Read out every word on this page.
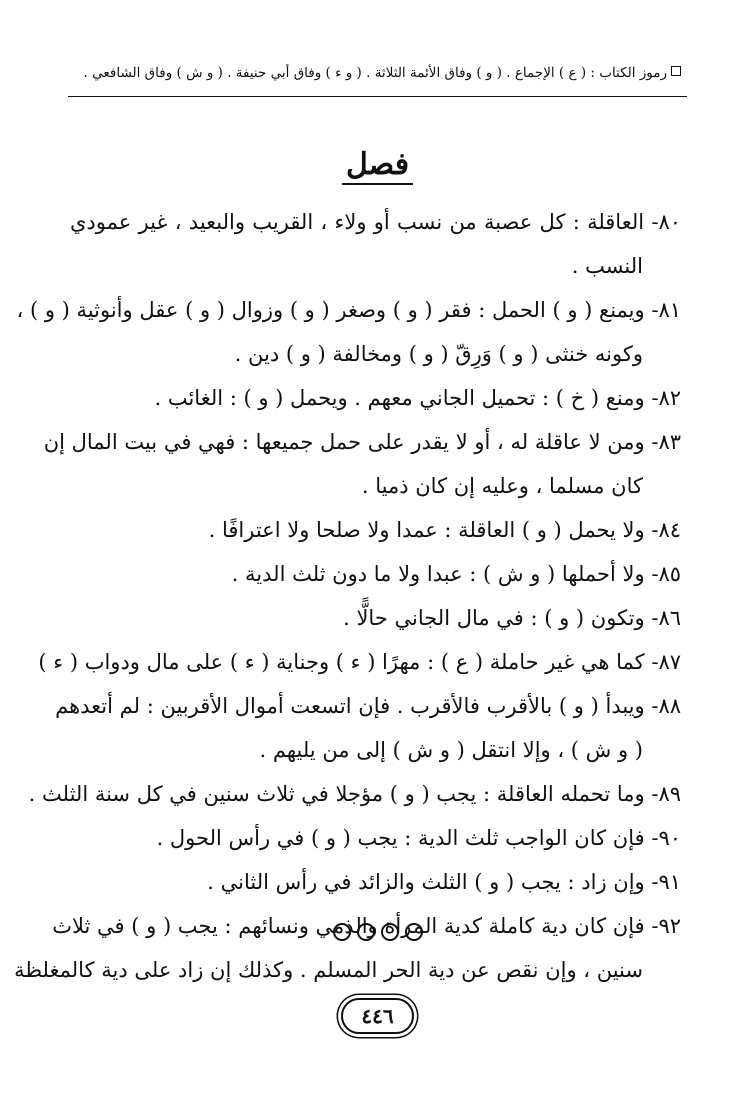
رموز الكتاب : ( ع ) الإجماع . ( و ) وفاق الأئمة الثلاثة . ( و ء ) وفاق أبي حنيفة . ( و ش ) وفاق الشافعي .
فصل
٨٠- العاقلة : كل عصبة من نسب أو ولاء ، القريب والبعيد ، غير عمودي
النسب .
٨١- ويمنع ( و ) الحمل : فقر ( و ) وصغر ( و ) وزوال ( و ) عقل وأنوثية ( و ) ،
وكونه خنثى ( و ) وَرِقّ ( و ) ومخالفة ( و ) دين .
٨٢- ومنع ( خ ) : تحميل الجاني معهم . ويحمل ( و ) : الغائب .
٨٣- ومن لا عاقلة له ، أو لا يقدر على حمل جميعها : فهي في بيت المال إن
كان مسلما ، وعليه إن كان ذميا .
٨٤- ولا يحمل ( و ) العاقلة : عمدا ولا صلحا ولا اعترافًا .
٨٥- ولا أحملها ( و ش ) : عبدا ولا ما دون ثلث الدية .
٨٦- وتكون ( و ) : في مال الجاني حالًّا .
٨٧- كما هي غير حاملة ( ع ) : مهرًا ( ء ) وجناية ( ء ) على مال ودواب ( ء )
٨٨- ويبدأ ( و ) بالأقرب فالأقرب . فإن اتسعت أموال الأقربين : لم أتعدهم
( و ش ) ، وإلا انتقل ( و ش ) إلى من يليهم .
٨٩- وما تحمله العاقلة : يجب ( و ) مؤجلا في ثلاث سنين في كل سنة الثلث .
٩٠- فإن كان الواجب ثلث الدية : يجب ( و ) في رأس الحول .
٩١- وإن زاد : يجب ( و ) الثلث والزائد في رأس الثاني .
٩٢- فإن كان دية كاملة كدية المرأة والذمي ونسائهم : يجب ( و ) في ثلاث
سنين ، وإن نقص عن دية الحر المسلم . وكذلك إن زاد على دية كالمغلظة
٤٤٦
